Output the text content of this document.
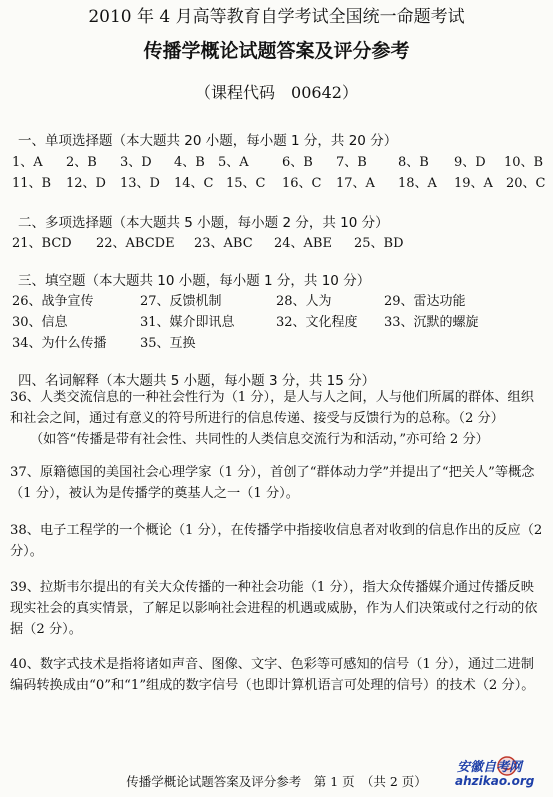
2010 年 4 月高等教育自学考试全国统一命题考试
传播学概论试题答案及评分参考
（课程代码　00642）
一、单项选择题（本大题共 20 小题，每小题 1 分，共 20 分）
1、A 2、B 3、D 4、B 5、A	6、B 7、B 8、B 9、D 10、B
11、B 12、D 13、D 14、C 15、C 16、C 17、A 18、A 19、A 20、C
二、多项选择题（本大题共 5 小题，每小题 2 分，共 10 分）
21、BCD 22、ABCDE 23、ABC 24、ABE 25、BD
三、填空题（本大题共 10 小题，每小题 1 分，共 10 分）
26、战争宣传	27、反馈机制	28、人为	29、雷达功能
30、信息	31、媒介即讯息	32、文化程度 33、沉默的螺旋
34、为什么传播	35、互换
四、名词解释（本大题共 5 小题，每小题 3 分，共 15 分）
36、人类交流信息的一种社会性行为（1 分），是人与人之间，人与他们所属的群体、组织和社会之间，通过有意义的符号所进行的信息传递、接受与反馈行为的总称。（2 分）
（如答“传播是带有社会性、共同性的人类信息交流行为和活动，”亦可给 2 分）
37、原籍德国的美国社会心理学家（1 分），首创了“群体动力学”并提出了“把关人”等概念（1 分），被认为是传播学的奠基人之一（1 分）。
38、电子工程学的一个概论（1 分），在传播学中指接收信息者对收到的信息作出的反应（2 分）。
39、拉斯韦尔提出的有关大众传播的一种社会功能（1 分），指大众传播媒介通过传播反映现实社会的真实情景，了解足以影响社会进程的机遇或威胁，作为人们决策或付之行动的依据（2 分）。
40、数字式技术是指将诸如声音、图像、文字、色彩等可感知的信号（1 分），通过二进制编码转换成由“0”和“1”组成的数字信号（也即计算机语言可处理的信号）的技术（2 分）。
传播学概论试题答案及评分参考　第 1 页　（共 2 页）
安徽自考网
ahzikao.org
